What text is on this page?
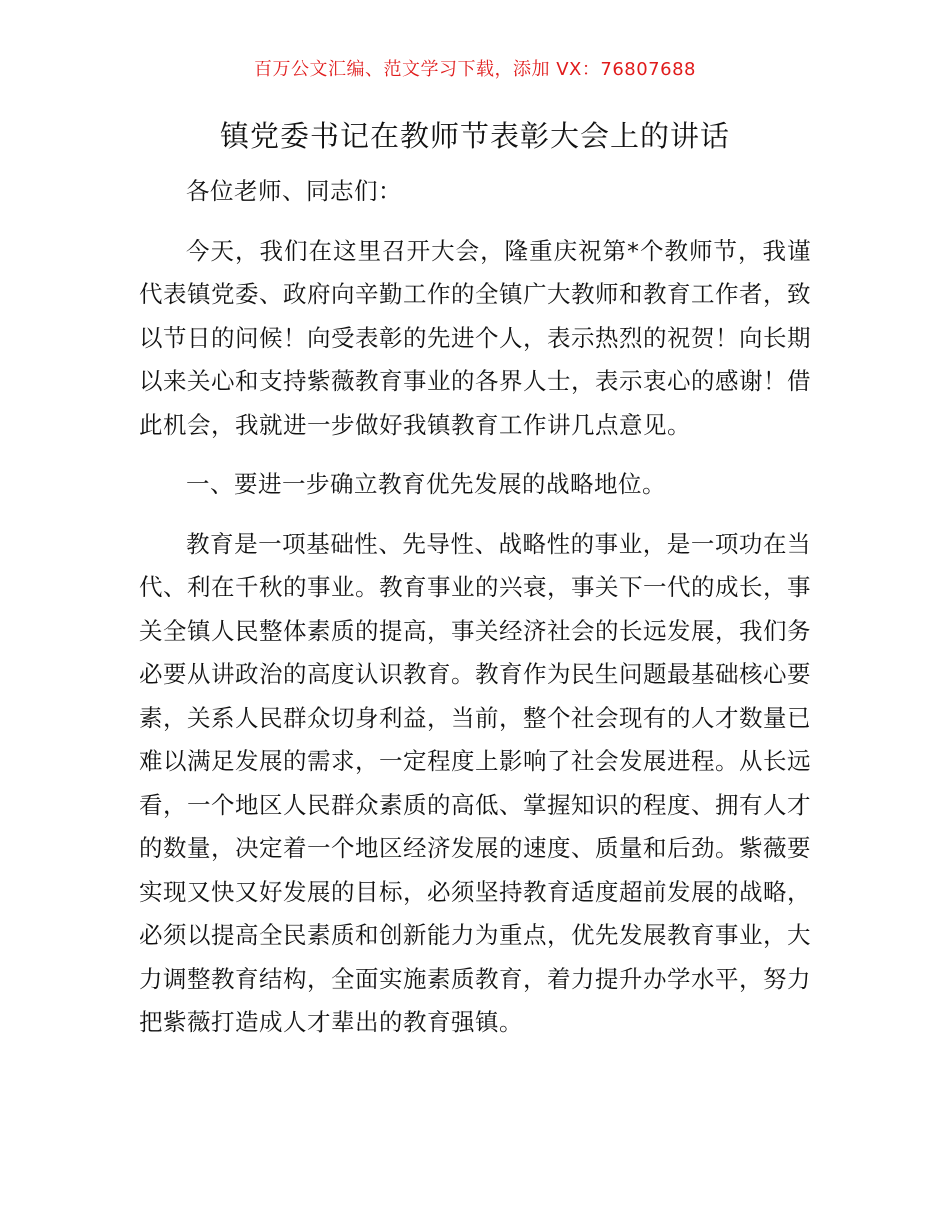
百万公文汇编、范文学习下载，添加 VX：76807688
镇党委书记在教师节表彰大会上的讲话

各位老师、同志们：

今天，我们在这里召开大会，隆重庆祝第*个教师节，我谨代表镇党委、政府向辛勤工作的全镇广大教师和教育工作者，致以节日的问候！向受表彰的先进个人，表示热烈的祝贺！向长期以来关心和支持紫薇教育事业的各界人士，表示衷心的感谢！借此机会，我就进一步做好我镇教育工作讲几点意见。

一、要进一步确立教育优先发展的战略地位。

教育是一项基础性、先导性、战略性的事业，是一项功在当代、利在千秋的事业。教育事业的兴衰，事关下一代的成长，事关全镇人民整体素质的提高，事关经济社会的长远发展，我们务必要从讲政治的高度认识教育。教育作为民生问题最基础核心要素，关系人民群众切身利益，当前，整个社会现有的人才数量已难以满足发展的需求，一定程度上影响了社会发展进程。从长远看，一个地区人民群众素质的高低、掌握知识的程度、拥有人才的数量，决定着一个地区经济发展的速度、质量和后劲。紫薇要实现又快又好发展的目标，必须坚持教育适度超前发展的战略，必须以提高全民素质和创新能力为重点，优先发展教育事业，大力调整教育结构，全面实施素质教育，着力提升办学水平，努力把紫薇打造成人才辈出的教育强镇。
